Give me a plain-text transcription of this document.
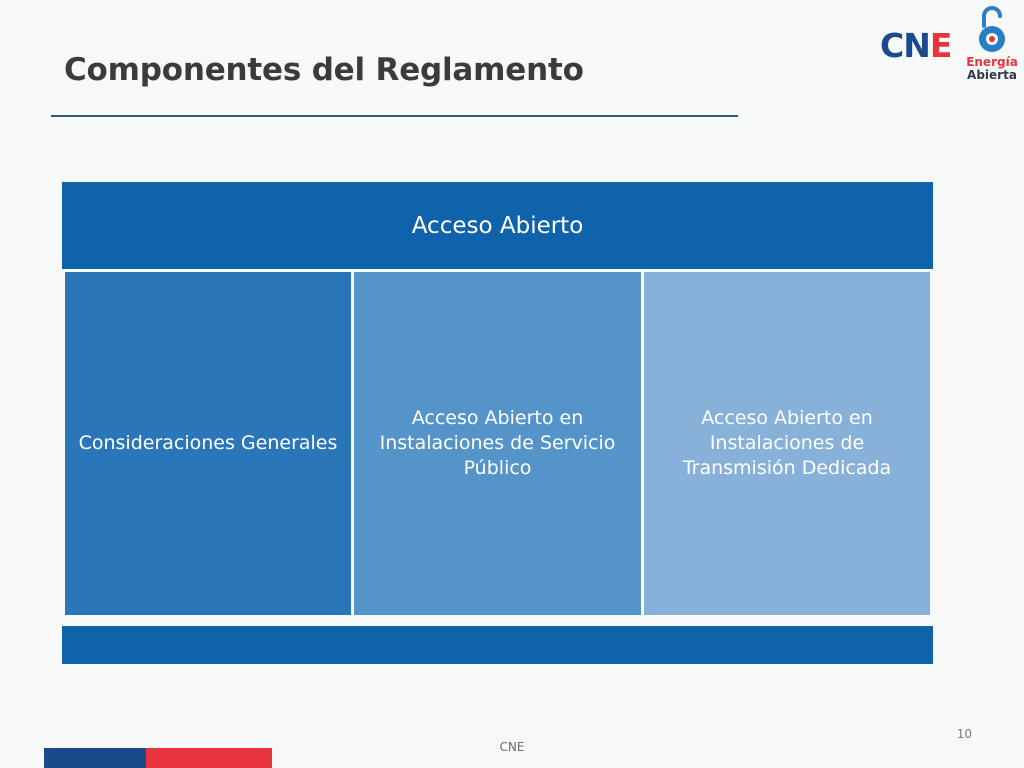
Componentes del Reglamento
CNE Energía
Abierta
Acceso Abierto
Consideraciones Generales
Acceso Abierto en Instalaciones de Servicio Público
Acceso Abierto en Instalaciones de Transmisión Dedicada
CNE
10
